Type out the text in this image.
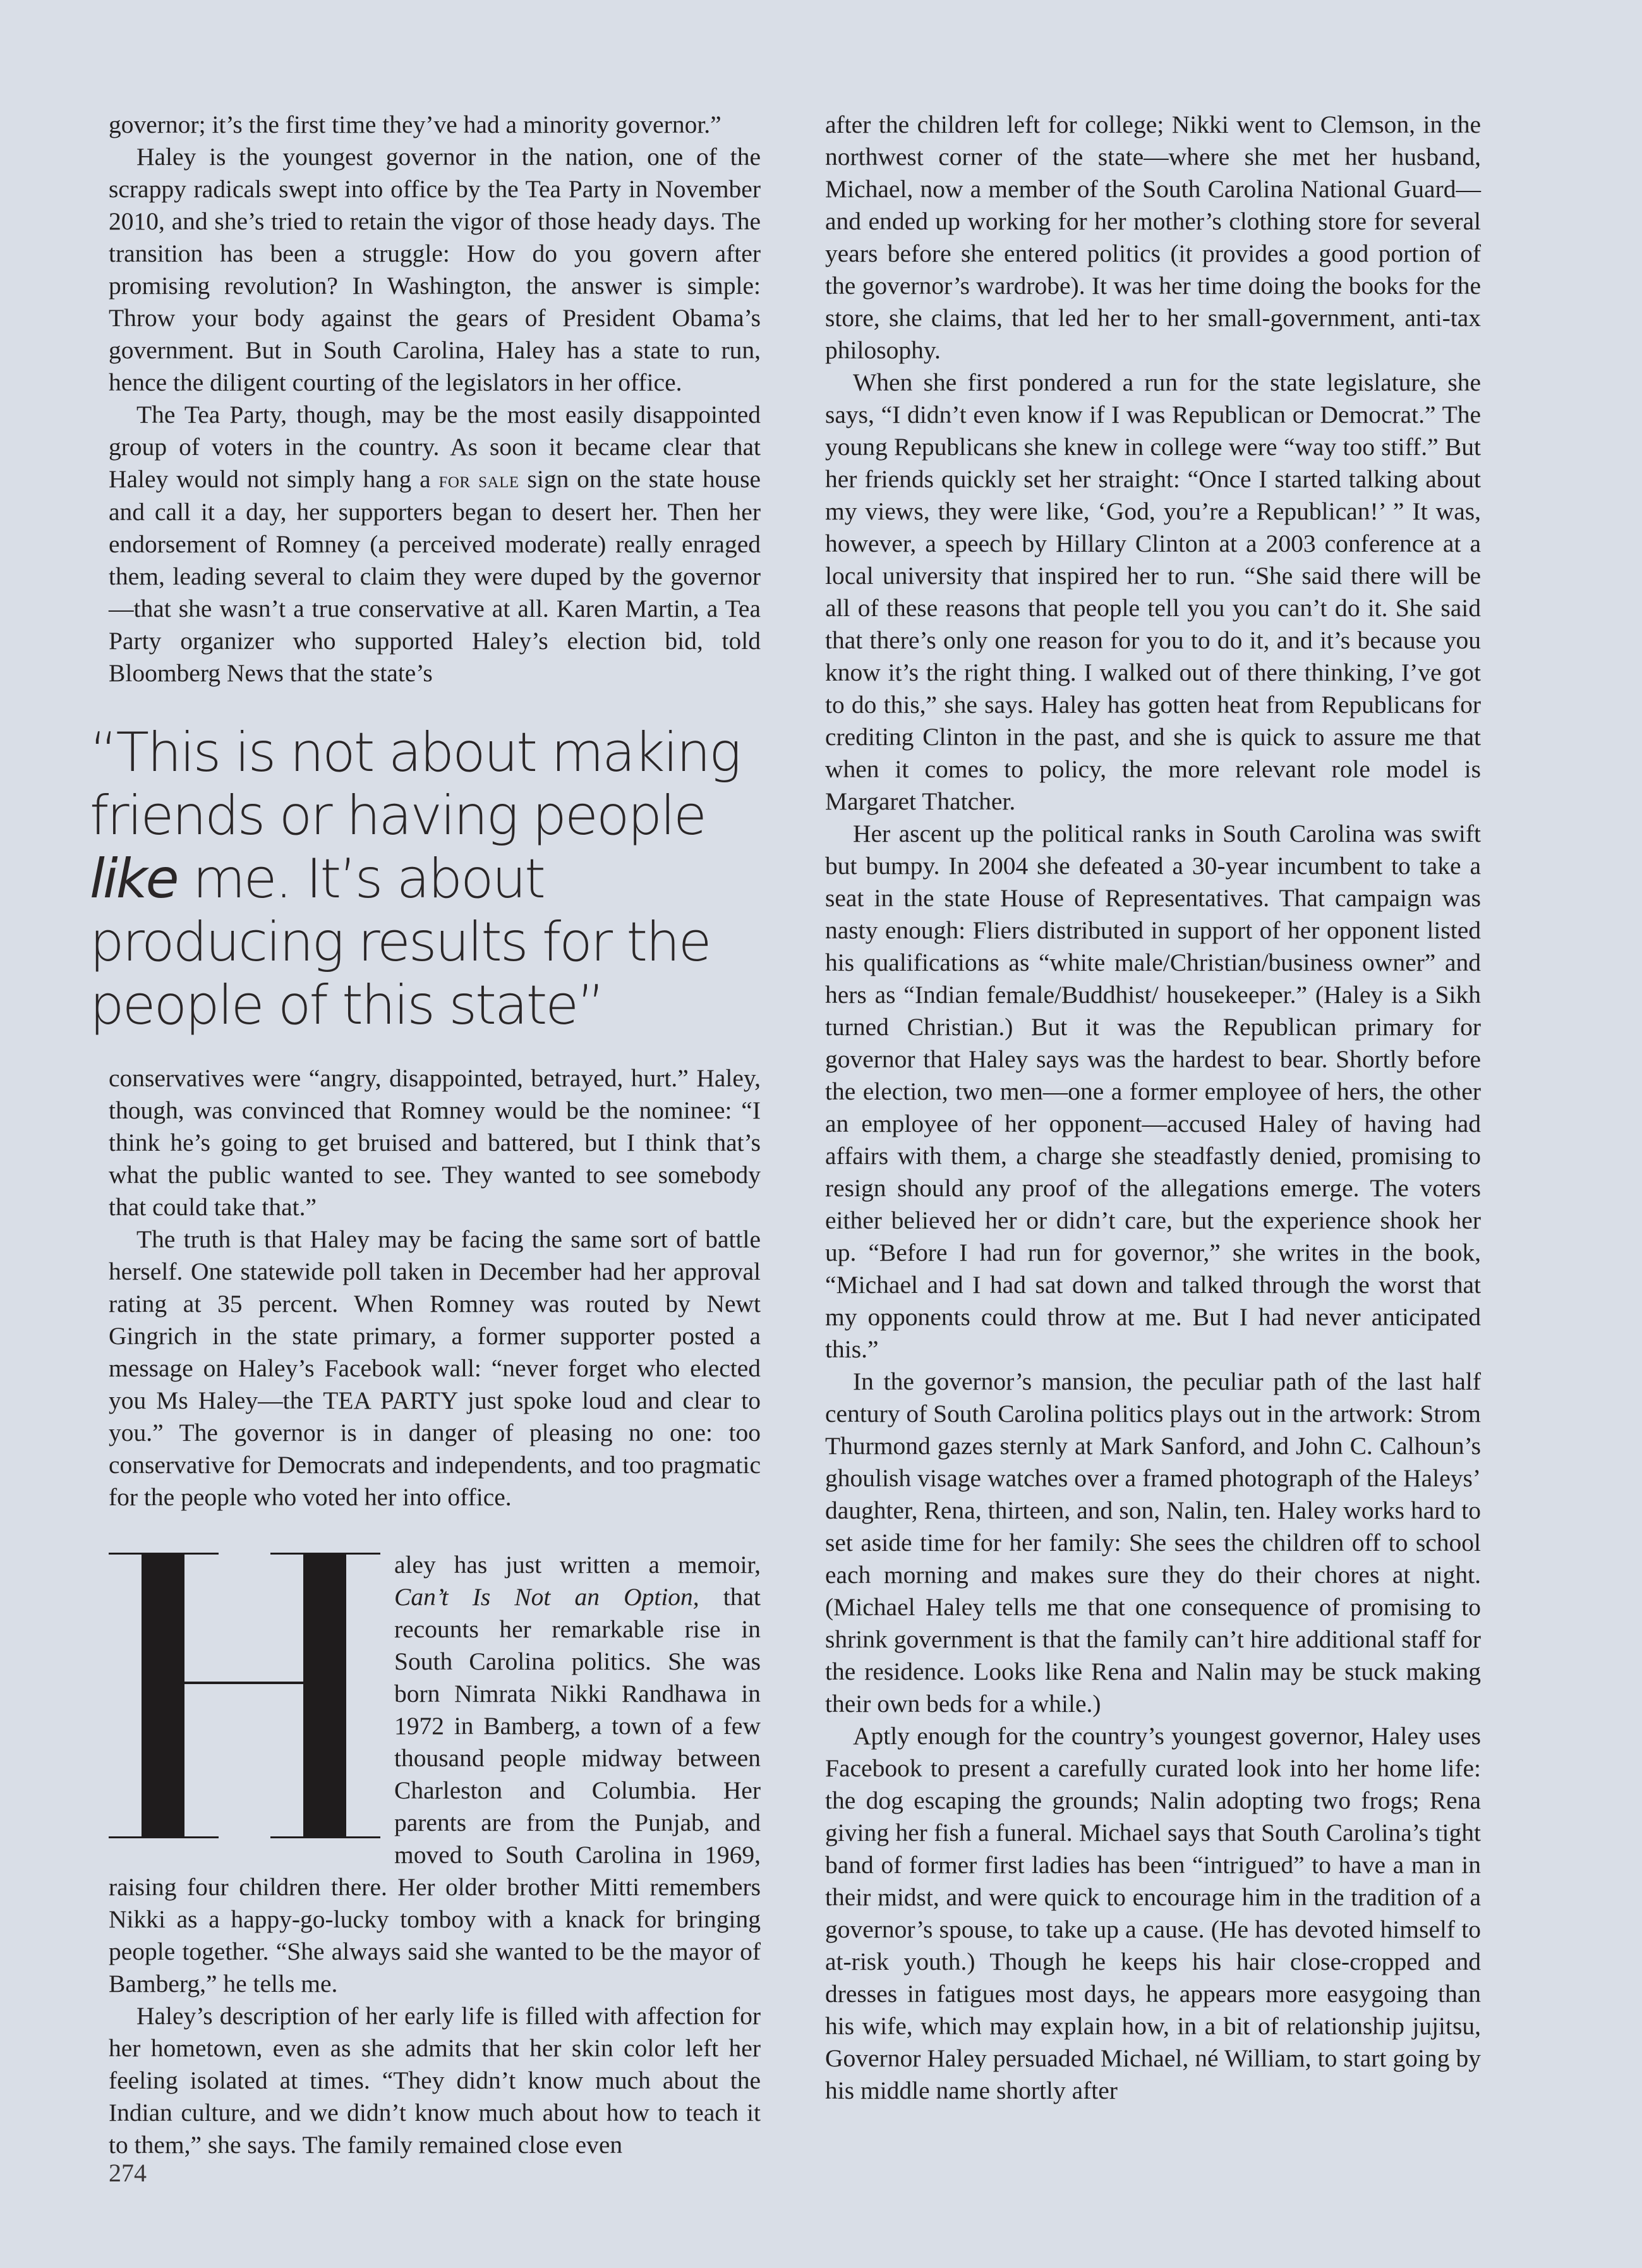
governor; it’s the first time they’ve had a minority governor.”

Haley is the youngest governor in the nation, one of the scrappy radicals swept into office by the Tea Party in November 2010, and she’s tried to retain the vigor of those heady days. The transition has been a struggle: How do you govern after promising revolution? In Washington, the answer is simple: Throw your body against the gears of President Obama’s government. But in South Carolina, Haley has a state to run, hence the diligent courting of the legislators in her office.

The Tea Party, though, may be the most easily disappointed group of voters in the country. As soon it became clear that Haley would not simply hang a for sale sign on the state house and call it a day, her supporters began to desert her. Then her endorsement of Romney (a perceived moderate) really enraged them, leading several to claim they were duped by the governor—that she wasn’t a true conservative at all. Karen Martin, a Tea Party organizer who supported Haley’s election bid, told Bloomberg News that the state’s

“This is not about making friends or having people like me. It’s about producing results for the people of this state”

conservatives were “angry, disappointed, betrayed, hurt.” Haley, though, was convinced that Romney would be the nominee: “I think he’s going to get bruised and battered, but I think that’s what the public wanted to see. They wanted to see somebody that could take that.”

The truth is that Haley may be facing the same sort of battle herself. One statewide poll taken in December had her approval rating at 35 percent. When Romney was routed by Newt Gingrich in the state primary, a former supporter posted a message on Haley’s Facebook wall: “never forget who elected you Ms Haley—the TEA PARTY just spoke loud and clear to you.” The governor is in danger of pleasing no one: too conservative for Democrats and independents, and too pragmatic for the people who voted her into office.

aley has just written a memoir, Can’t Is Not an Option, that recounts her remarkable rise in South Carolina politics. She was born Nimrata Nikki Randhawa in 1972 in Bamberg, a town of a few thousand people midway between Charleston and Columbia. Her parents are from the Punjab, and moved to South Carolina in 1969, raising four children there. Her older brother Mitti remembers Nikki as a happy-go-lucky tomboy with a knack for bringing people together. “She always said she wanted to be the mayor of Bamberg,” he tells me.

Haley’s description of her early life is filled with affection for her hometown, even as she admits that her skin color left her feeling isolated at times. “They didn’t know much about the Indian culture, and we didn’t know much about how to teach it to them,” she says. The family remained close even

after the children left for college; Nikki went to Clemson, in the northwest corner of the state—where she met her husband, Michael, now a member of the South Carolina National Guard—and ended up working for her mother’s clothing store for several years before she entered politics (it provides a good portion of the governor’s wardrobe). It was her time doing the books for the store, she claims, that led her to her small-government, anti-tax philosophy.

When she first pondered a run for the state legislature, she says, “I didn’t even know if I was Republican or Democrat.” The young Republicans she knew in college were “way too stiff.” But her friends quickly set her straight: “Once I started talking about my views, they were like, ‘God, you’re a Republican!’ ” It was, however, a speech by Hillary Clinton at a 2003 conference at a local university that inspired her to run. “She said there will be all of these reasons that people tell you you can’t do it. She said that there’s only one reason for you to do it, and it’s because you know it’s the right thing. I walked out of there thinking, I’ve got to do this,” she says. Haley has gotten heat from Republicans for crediting Clinton in the past, and she is quick to assure me that when it comes to policy, the more relevant role model is Margaret Thatcher.

Her ascent up the political ranks in South Carolina was swift but bumpy. In 2004 she defeated a 30-year incumbent to take a seat in the state House of Representatives. That campaign was nasty enough: Fliers distributed in support of her opponent listed his qualifications as “white male/Christian/business owner” and hers as “Indian female/Buddhist/ housekeeper.” (Haley is a Sikh turned Christian.) But it was the Republican primary for governor that Haley says was the hardest to bear. Shortly before the election, two men—one a former employee of hers, the other an employee of her opponent—accused Haley of having had affairs with them, a charge she steadfastly denied, promising to resign should any proof of the allegations emerge. The voters either believed her or didn’t care, but the experience shook her up. “Before I had run for governor,” she writes in the book, “Michael and I had sat down and talked through the worst that my opponents could throw at me. But I had never anticipated this.”

In the governor’s mansion, the peculiar path of the last half century of South Carolina politics plays out in the artwork: Strom Thurmond gazes sternly at Mark Sanford, and John C. Calhoun’s ghoulish visage watches over a framed photograph of the Haleys’ daughter, Rena, thirteen, and son, Nalin, ten. Haley works hard to set aside time for her family: She sees the children off to school each morning and makes sure they do their chores at night. (Michael Haley tells me that one consequence of promising to shrink government is that the family can’t hire additional staff for the residence. Looks like Rena and Nalin may be stuck making their own beds for a while.)

Aptly enough for the country’s youngest governor, Haley uses Facebook to present a carefully curated look into her home life: the dog escaping the grounds; Nalin adopting two frogs; Rena giving her fish a funeral. Michael says that South Carolina’s tight band of former first ladies has been “intrigued” to have a man in their midst, and were quick to encourage him in the tradition of a governor’s spouse, to take up a cause. (He has devoted himself to at-risk youth.) Though he keeps his hair close-cropped and dresses in fatigues most days, he appears more easygoing than his wife, which may explain how, in a bit of relationship jujitsu, Governor Haley persuaded Michael, né William, to start going by his middle name shortly after

274
